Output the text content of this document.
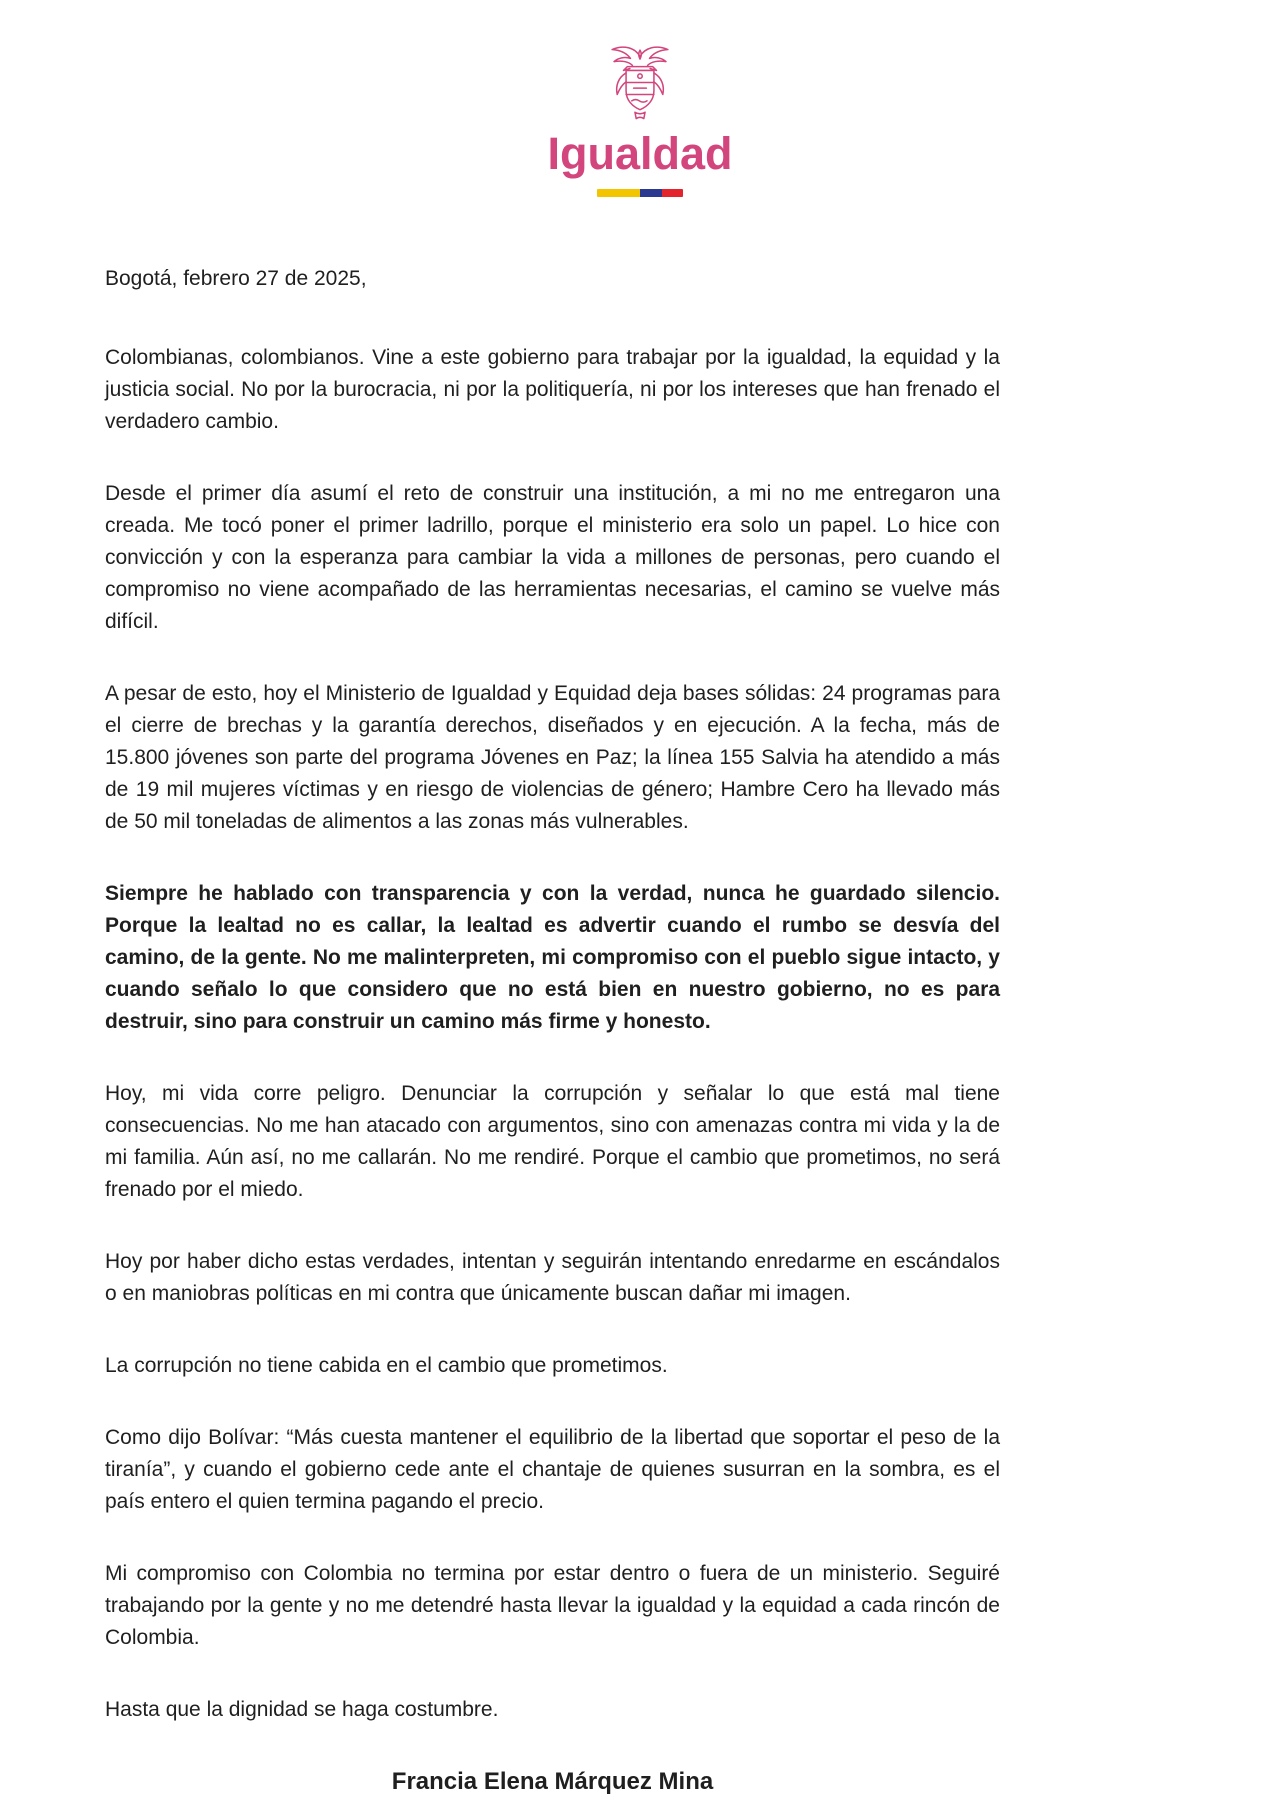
Igualdad

Bogotá, febrero 27 de 2025,

Colombianas, colombianos. Vine a este gobierno para trabajar por la igualdad, la equidad y la justicia social. No por la burocracia, ni por la politiquería, ni por los intereses que han frenado el verdadero cambio.

Desde el primer día asumí el reto de construir una institución, a mi no me entregaron una creada. Me tocó poner el primer ladrillo, porque el ministerio era solo un papel. Lo hice con convicción y con la esperanza para cambiar la vida a millones de personas, pero cuando el compromiso no viene acompañado de las herramientas necesarias, el camino se vuelve más difícil.

A pesar de esto, hoy el Ministerio de Igualdad y Equidad deja bases sólidas: 24 programas para el cierre de brechas y la garantía derechos, diseñados y en ejecución. A la fecha, más de 15.800 jóvenes son parte del programa Jóvenes en Paz; la línea 155 Salvia ha atendido a más de 19 mil mujeres víctimas y en riesgo de violencias de género; Hambre Cero ha llevado más de 50 mil toneladas de alimentos a las zonas más vulnerables.

Siempre he hablado con transparencia y con la verdad, nunca he guardado silencio. Porque la lealtad no es callar, la lealtad es advertir cuando el rumbo se desvía del camino, de la gente. No me malinterpreten, mi compromiso con el pueblo sigue intacto, y cuando señalo lo que considero que no está bien en nuestro gobierno, no es para destruir, sino para construir un camino más firme y honesto.

Hoy, mi vida corre peligro. Denunciar la corrupción y señalar lo que está mal tiene consecuencias. No me han atacado con argumentos, sino con amenazas contra mi vida y la de mi familia. Aún así, no me callarán. No me rendiré. Porque el cambio que prometimos, no será frenado por el miedo.

Hoy por haber dicho estas verdades, intentan y seguirán intentando enredarme en escándalos o en maniobras políticas en mi contra que únicamente buscan dañar mi imagen.

La corrupción no tiene cabida en el cambio que prometimos.

Como dijo Bolívar: “Más cuesta mantener el equilibrio de la libertad que soportar el peso de la tiranía”, y cuando el gobierno cede ante el chantaje de quienes susurran en la sombra, es el país entero el quien termina pagando el precio.

Mi compromiso con Colombia no termina por estar dentro o fuera de un ministerio. Seguiré trabajando por la gente y no me detendré hasta llevar la igualdad y la equidad a cada rincón de Colombia.

Hasta que la dignidad se haga costumbre.

Francia Elena Márquez Mina
